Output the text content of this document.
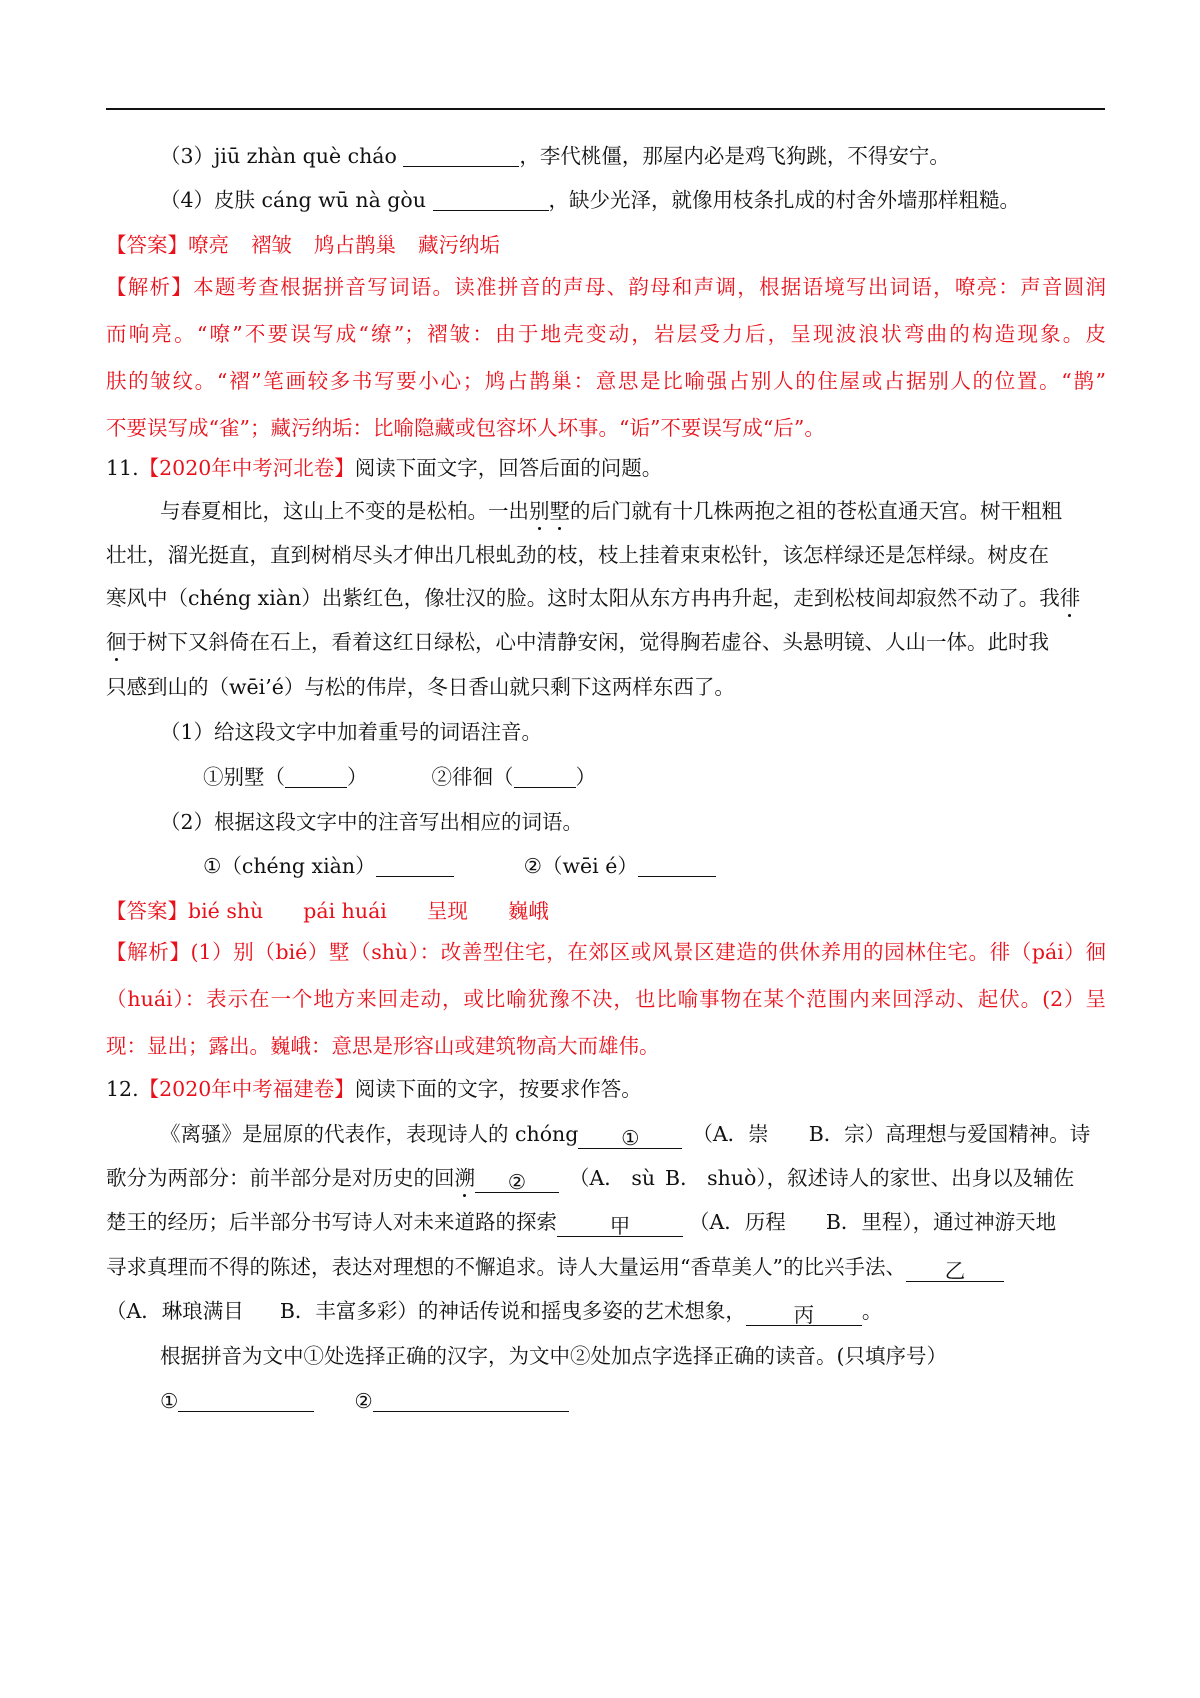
（3）jiū zhàn què cháo	，李代桃僵，那屋内必是鸡飞狗跳，不得安宁。
（4）皮肤 cáng wū nà gòu	，缺少光泽，就像用枝条扎成的村舍外墙那样粗糙。
【答案】嘹亮 褶皱 鸠占鹊巢 藏污纳垢
【解析】本题考查根据拼音写词语。读准拼音的声母、韵母和声调，根据语境写出词语，嘹亮：声音圆润
而响亮。“嘹”不要误写成“缭”；褶皱：由于地壳变动，岩层受力后，呈现波浪状弯曲的构造现象。皮
肤的皱纹。“褶”笔画较多书写要小心；鸠占鹊巢：意思是比喻强占别人的住屋或占据别人的位置。“鹊”
不要误写成“雀”；藏污纳垢：比喻隐藏或包容坏人坏事。“诟”不要误写成“后”。
11.【2020年中考河北卷】阅读下面文字，回答后面的问题。
与春夏相比，这山上不变的是松柏。一出别墅的后门就有十几株两抱之祖的苍松直通天宫。树干粗粗
壮壮，溜光挺直，直到树梢尽头才伸出几根虬劲的枝，枝上挂着束束松针，该怎样绿还是怎样绿。树皮在
寒风中（chéng xiàn）出紫红色，像壮汉的脸。这时太阳从东方冉冉升起，走到松枝间却寂然不动了。我徘
徊于树下又斜倚在石上，看着这红日绿松，心中清静安闲，觉得胸若虚谷、头悬明镜、人山一体。此时我
只感到山的（wēi’é）与松的伟岸，冬日香山就只剩下这两样东西了。
（1）给这段文字中加着重号的词语注音。
①别墅（	）	②徘徊（	）
（2）根据这段文字中的注音写出相应的词语。
①（chéng xiàn）	②（wēi é）
【答案】bié shù pái huái 呈现 巍峨
【解析】(1）别（bié）墅（shù）：改善型住宅，在郊区或风景区建造的供休养用的园林住宅。徘（pái）徊
（huái）：表示在一个地方来回走动，或比喻犹豫不决，也比喻事物在某个范围内来回浮动、起伏。(2）呈
现：显出；露出。巍峨：意思是形容山或建筑物高大而雄伟。
12.【2020年中考福建卷】阅读下面的文字，按要求作答。
《离骚》是屈原的代表作，表现诗人的 chóng ①	（A．崇 B．宗）高理想与爱国精神。诗
歌分为两部分：前半部分是对历史的回溯 ② （A． sù B． shuò），叙述诗人的家世、出身以及辅佐
楚王的经历；后半部分书写诗人对未来道路的探索	甲	（A．历程 B．里程），通过神游天地
寻求真理而不得的陈述，表达对理想的不懈追求。诗人大量运用“香草美人”的比兴手法、 乙
（A．琳琅满目 B．丰富多彩）的神话传说和摇曳多姿的艺术想象， 丙 。
根据拼音为文中①处选择正确的汉字，为文中②处加点字选择正确的读音。(只填序号）
①	②
